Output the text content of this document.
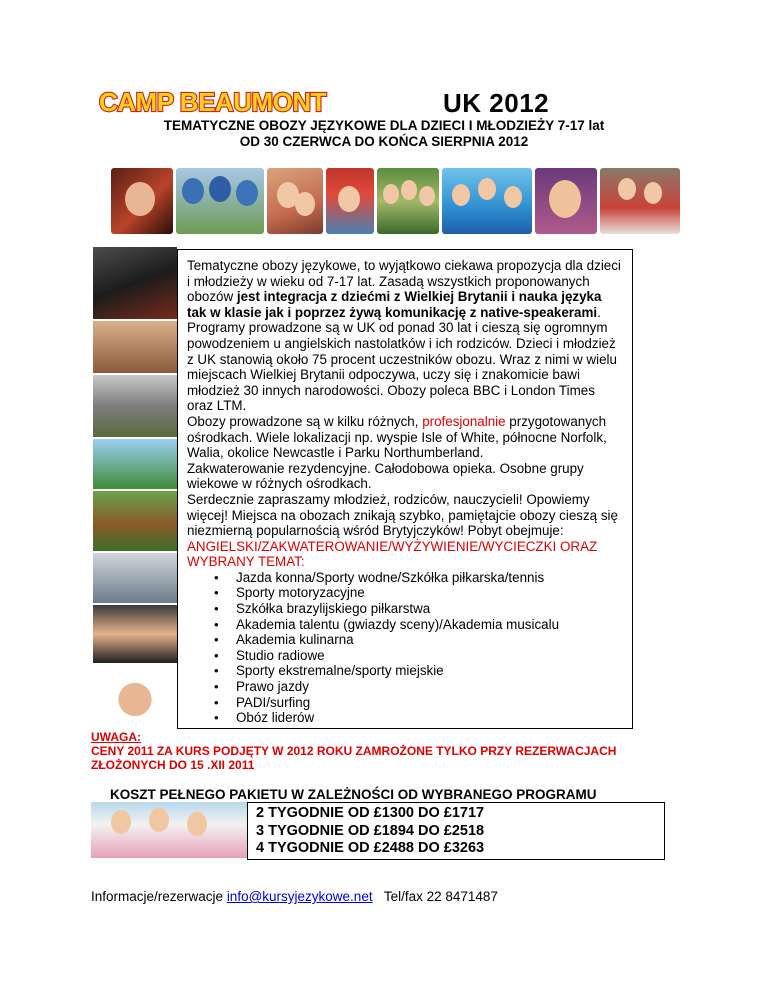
CAMP BEAUMONT	UK 2012
TEMATYCZNE OBOZY JĘZYKOWE DLA DZIECI I MŁODZIEŻY 7-17 lat
OD 30 CZERWCA DO KOŃCA SIERPNIA 2012

Tematyczne obozy językowe, to wyjątkowo ciekawa propozycja dla dzieci i młodzieży w wieku od 7-17 lat. Zasadą wszystkich proponowanych obozów jest integracja z dziećmi z Wielkiej Brytanii i nauka języka tak w klasie jak i poprzez żywą komunikację z native-speakerami. Programy prowadzone są w UK od ponad 30 lat i cieszą się ogromnym powodzeniem u angielskich nastolatków i ich rodziców. Dzieci i młodzież z UK stanowią około 75 procent uczestników obozu. Wraz z nimi w wielu miejscach Wielkiej Brytanii odpoczywa, uczy się i znakomicie bawi młodzież 30 innych narodowości. Obozy poleca BBC i London Times oraz LTM.

Obozy prowadzone są w kilku różnych, profesjonalnie przygotowanych ośrodkach. Wiele lokalizacji np. wyspie Isle of White, północne Norfolk, Walia, okolice Newcastle i Parku Northumberland.

Zakwaterowanie rezydencyjne. Całodobowa opieka. Osobne grupy wiekowe w różnych ośrodkach.

Serdecznie zapraszamy młodzież, rodziców, nauczycieli! Opowiemy więcej! Miejsca na obozach znikają szybko, pamiętajcie obozy cieszą się niezmierną popularnością wśród Brytyjczyków! Pobyt obejmuje:

ANGIELSKI/ZAKWATEROWANIE/WYŻYWIENIE/WYCIECZKI ORAZ WYBRANY TEMAT:

• Jazda konna/Sporty wodne/Szkółka piłkarska/tennis
• Sporty motoryzacyjne
• Szkółka brazylijskiego piłkarstwa
• Akademia talentu (gwiazdy sceny)/Akademia musicalu
• Akademia kulinarna
• Studio radiowe
• Sporty ekstremalne/sporty miejskie
• Prawo jazdy
• PADI/surfing
• Obóz liderów
UWAGA:
CENY 2011 ZA KURS PODJĘTY W 2012 ROKU ZAMROŻONE TYLKO PRZY REZERWACJACH ZŁOŻONYCH DO 15 .XII 2011
KOSZT PEŁNEGO PAKIETU W ZALEŻNOŚCI OD WYBRANEGO PROGRAMU
2 TYGODNIE OD £1300 DO £1717
3 TYGODNIE OD £1894 DO £2518
4 TYGODNIE OD £2488 DO £3263
Informacje/rezerwacje info@kursyjezykowe.net Tel/fax 22 8471487
